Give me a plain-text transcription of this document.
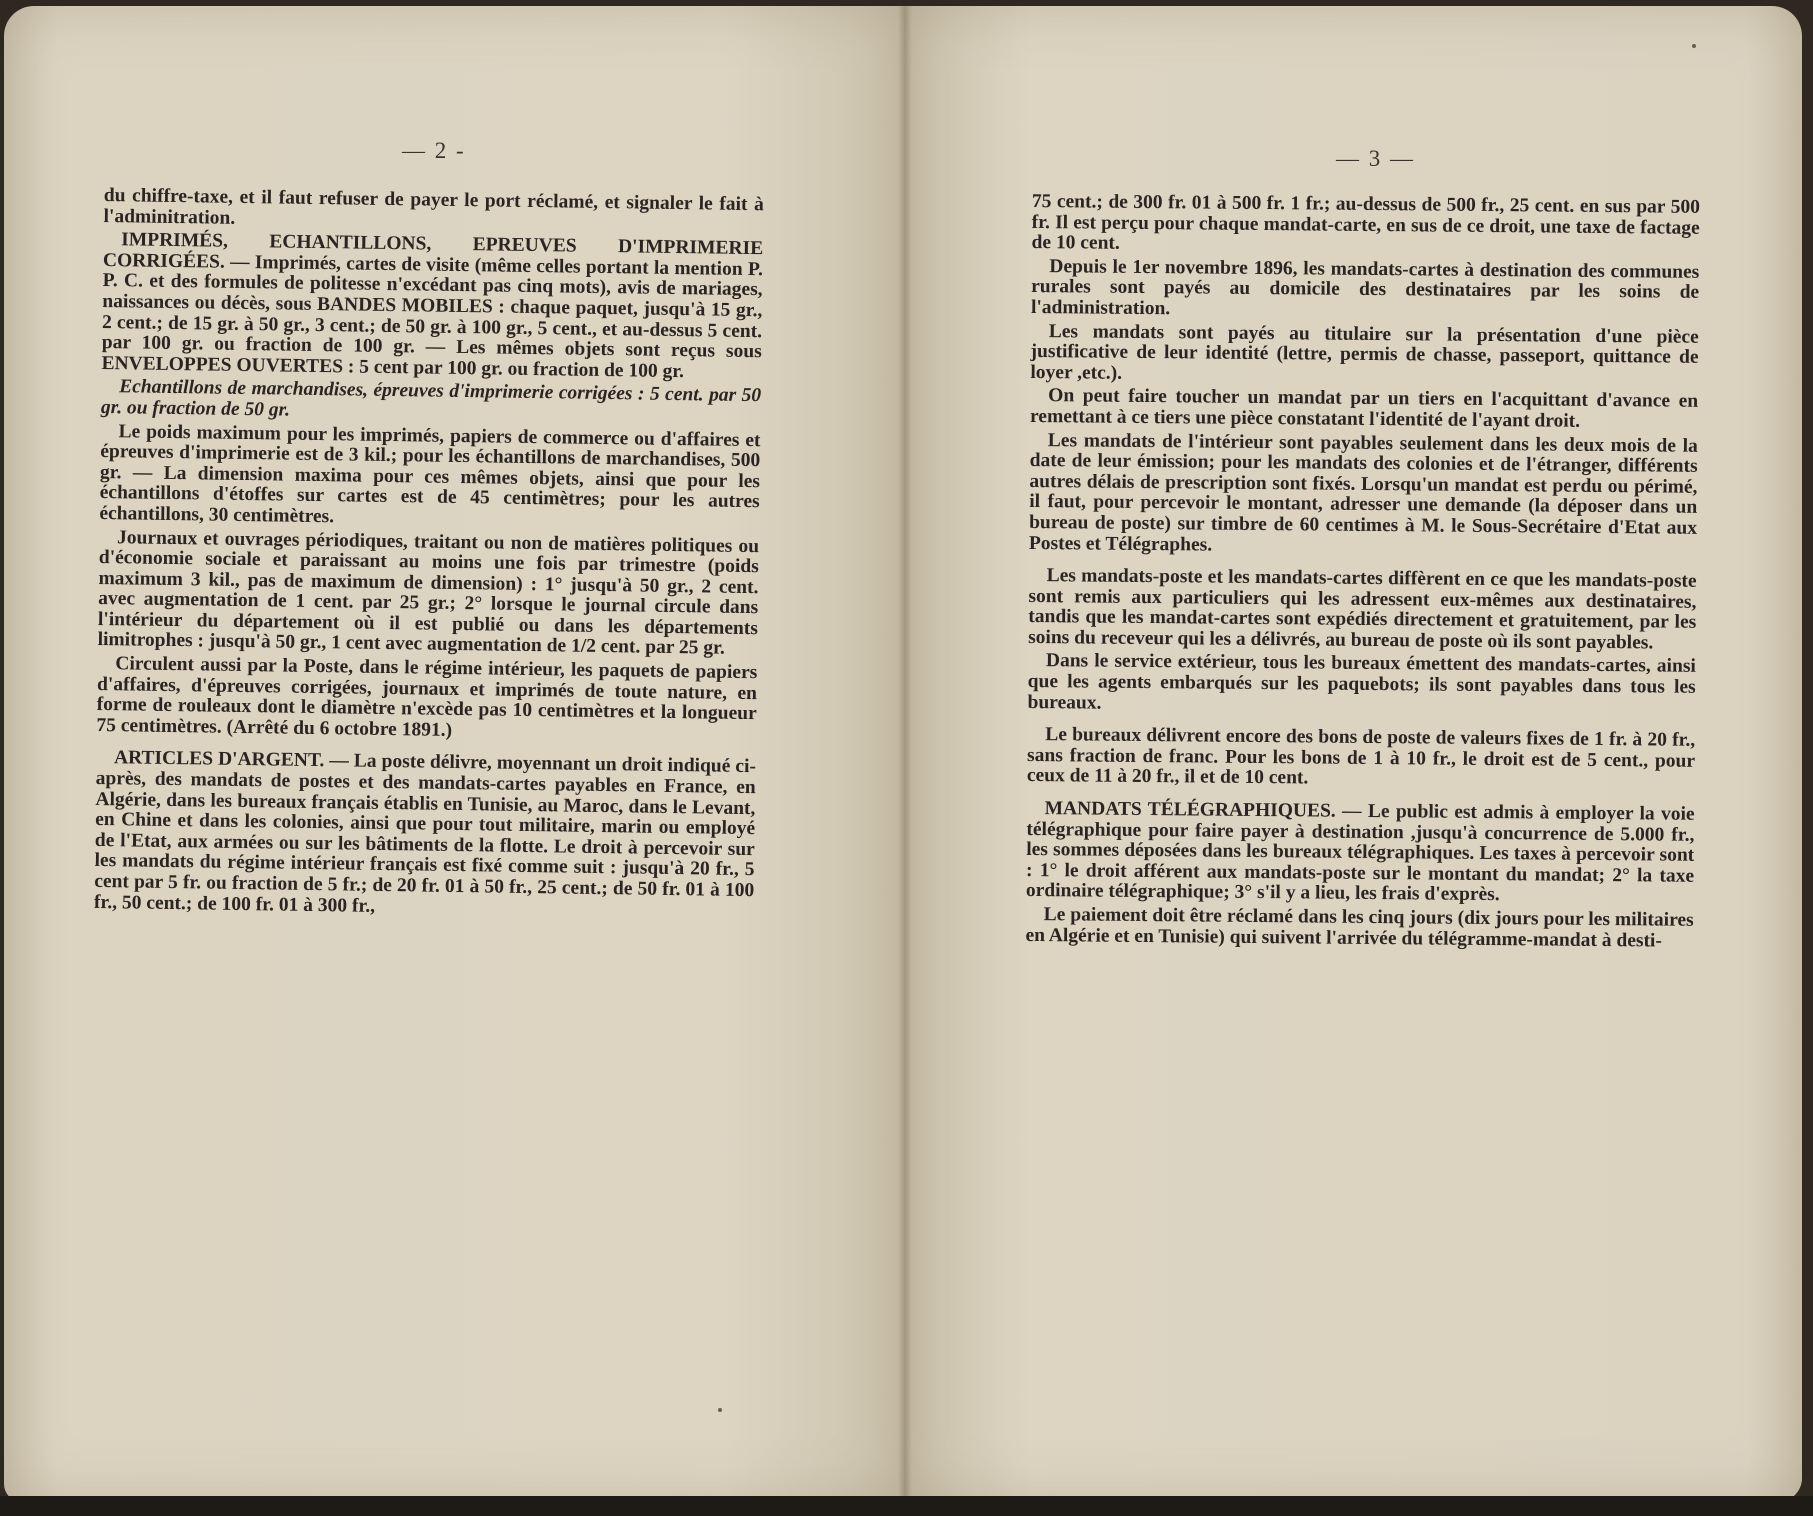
— 2 -	— 3 —

du chiffre-taxe, et il faut refuser de payer le port réclamé, et signaler le fait à l'adminitration.

IMPRIMÉS, ECHANTILLONS, EPREUVES D'IMPRIMERIE CORRIGÉES. — Imprimés, cartes de visite (même celles portant la mention P. P. C. et des formules de politesse n'excédant pas cinq mots), avis de mariages, naissances ou décès, sous BANDES MOBILES : chaque paquet, jusqu'à 15 gr., 2 cent.; de 15 gr. à 50 gr., 3 cent.; de 50 gr. à 100 gr., 5 cent., et au-dessus 5 cent. par 100 gr. ou fraction de 100 gr. — Les mêmes objets sont reçus sous ENVELOPPES OUVERTES : 5 cent par 100 gr. ou fraction de 100 gr.

Echantillons de marchandises, épreuves d'imprimerie corrigées : 5 cent. par 50 gr. ou fraction de 50 gr.

Le poids maximum pour les imprimés, papiers de commerce ou d'affaires et épreuves d'imprimerie est de 3 kil.; pour les échantillons de marchandises, 500 gr. — La dimension maxima pour ces mêmes objets, ainsi que pour les échantillons d'étoffes sur cartes est de 45 centimètres; pour les autres échantillons, 30 centimètres.

Journaux et ouvrages périodiques, traitant ou non de matières politiques ou d'économie sociale et paraissant au moins une fois par trimestre (poids maximum 3 kil., pas de maximum de dimension) : 1° jusqu'à 50 gr., 2 cent. avec augmentation de 1 cent. par 25 gr.; 2° lorsque le journal circule dans l'intérieur du département où il est publié ou dans les départements limitrophes : jusqu'à 50 gr., 1 cent avec augmentation de 1/2 cent. par 25 gr.

Circulent aussi par la Poste, dans le régime intérieur, les paquets de papiers d'affaires, d'épreuves corrigées, journaux et imprimés de toute nature, en forme de rouleaux dont le diamètre n'excède pas 10 centimètres et la longueur 75 centimètres. (Arrêté du 6 octobre 1891.)

ARTICLES D'ARGENT. — La poste délivre, moyennant un droit indiqué ci-après, des mandats de postes et des mandats-cartes payables en France, en Algérie, dans les bureaux français établis en Tunisie, au Maroc, dans le Levant, en Chine et dans les colonies, ainsi que pour tout militaire, marin ou employé de l'Etat, aux armées ou sur les bâtiments de la flotte. Le droit à percevoir sur les mandats du régime intérieur français est fixé comme suit : jusqu'à 20 fr., 5 cent par 5 fr. ou fraction de 5 fr.; de 20 fr. 01 à 50 fr., 25 cent.; de 50 fr. 01 à 100 fr., 50 cent.; de 100 fr. 01 à 300 fr.,

75 cent.; de 300 fr. 01 à 500 fr. 1 fr.; au-dessus de 500 fr., 25 cent. en sus par 500 fr. Il est perçu pour chaque mandat-carte, en sus de ce droit, une taxe de factage de 10 cent.

Depuis le 1er novembre 1896, les mandats-cartes à destination des communes rurales sont payés au domicile des destinataires par les soins de l'administration.

Les mandats sont payés au titulaire sur la présentation d'une pièce justificative de leur identité (lettre, permis de chasse, passeport, quittance de loyer ,etc.).

On peut faire toucher un mandat par un tiers en l'acquittant d'avance en remettant à ce tiers une pièce constatant l'identité de l'ayant droit.

Les mandats de l'intérieur sont payables seulement dans les deux mois de la date de leur émission; pour les mandats des colonies et de l'étranger, différents autres délais de prescription sont fixés. Lorsqu'un mandat est perdu ou périmé, il faut, pour percevoir le montant, adresser une demande (la déposer dans un bureau de poste) sur timbre de 60 centimes à M. le Sous-Secrétaire d'Etat aux Postes et Télégraphes.

Les mandats-poste et les mandats-cartes diffèrent en ce que les mandats-poste sont remis aux particuliers qui les adressent eux-mêmes aux destinataires, tandis que les mandat-cartes sont expédiés directement et gratuitement, par les soins du receveur qui les a délivrés, au bureau de poste où ils sont payables.

Dans le service extérieur, tous les bureaux émettent des mandats-cartes, ainsi que les agents embarqués sur les paquebots; ils sont payables dans tous les bureaux.

Le bureaux délivrent encore des bons de poste de valeurs fixes de 1 fr. à 20 fr., sans fraction de franc. Pour les bons de 1 à 10 fr., le droit est de 5 cent., pour ceux de 11 à 20 fr., il et de 10 cent.

MANDATS TÉLÉGRAPHIQUES. — Le public est admis à employer la voie télégraphique pour faire payer à destination ,jusqu'à concurrence de 5.000 fr., les sommes déposées dans les bureaux télégraphiques. Les taxes à percevoir sont : 1° le droit afférent aux mandats-poste sur le montant du mandat; 2° la taxe ordinaire télégraphique; 3° s'il y a lieu, les frais d'exprès.

Le paiement doit être réclamé dans les cinq jours (dix jours pour les militaires en Algérie et en Tunisie) qui suivent l'arrivée du télégramme-mandat à desti-
